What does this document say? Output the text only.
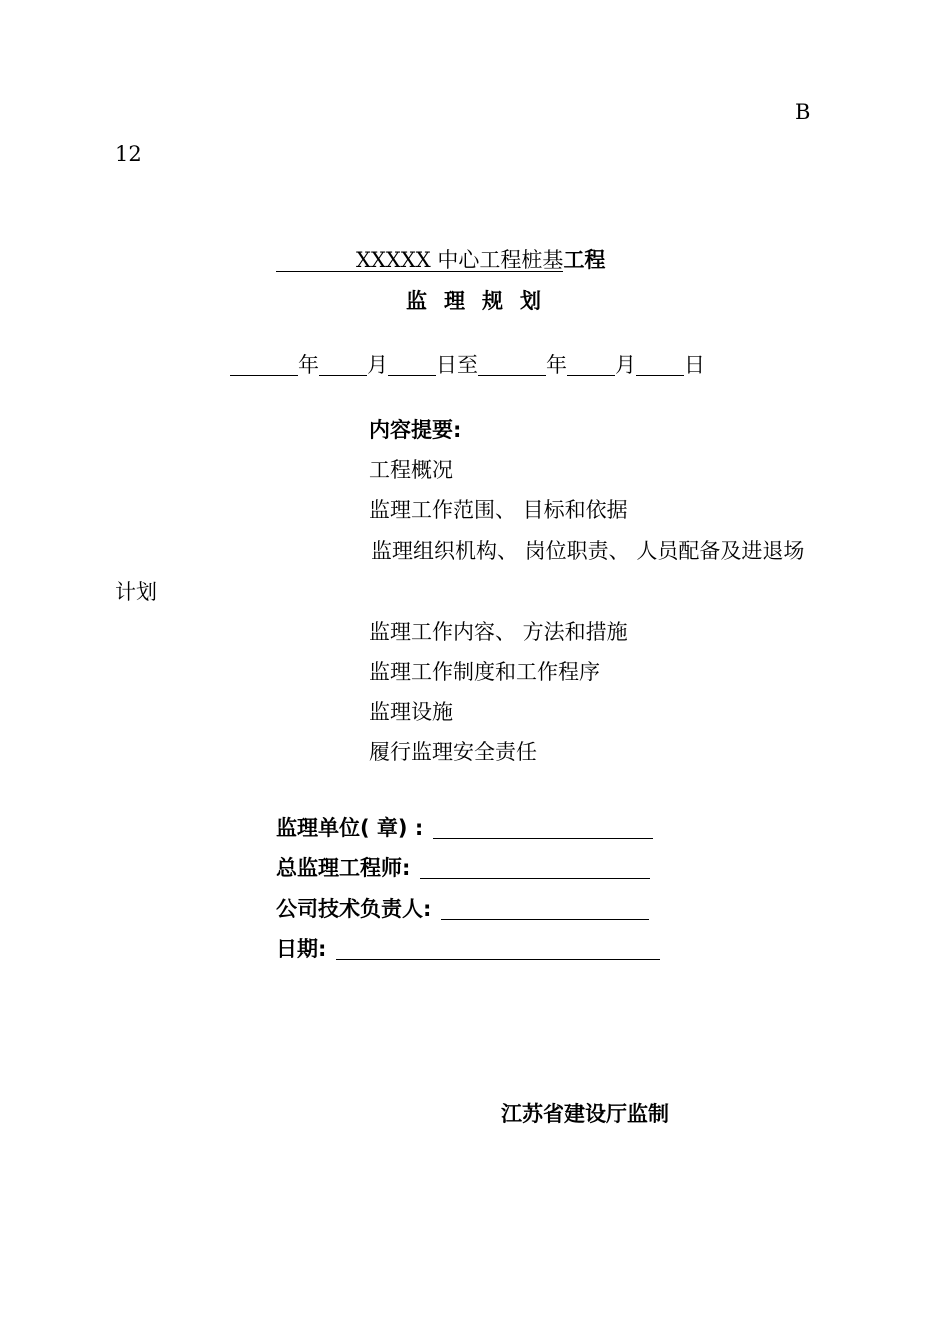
B
12
XXXXX 中心工程桩基工程
监理规划
年 月 日至	年 月 日
内容提要:
工程概况
监理工作范围、 目标和依据
监理组织机构、 岗位职责、 人员配备及进退场
计划
监理工作内容、 方法和措施
监理工作制度和工作程序
监理设施
履行监理安全责任
监理单位( 章) :
总监理工程师:
公司技术负责人:
日期:
江苏省建设厅监制
